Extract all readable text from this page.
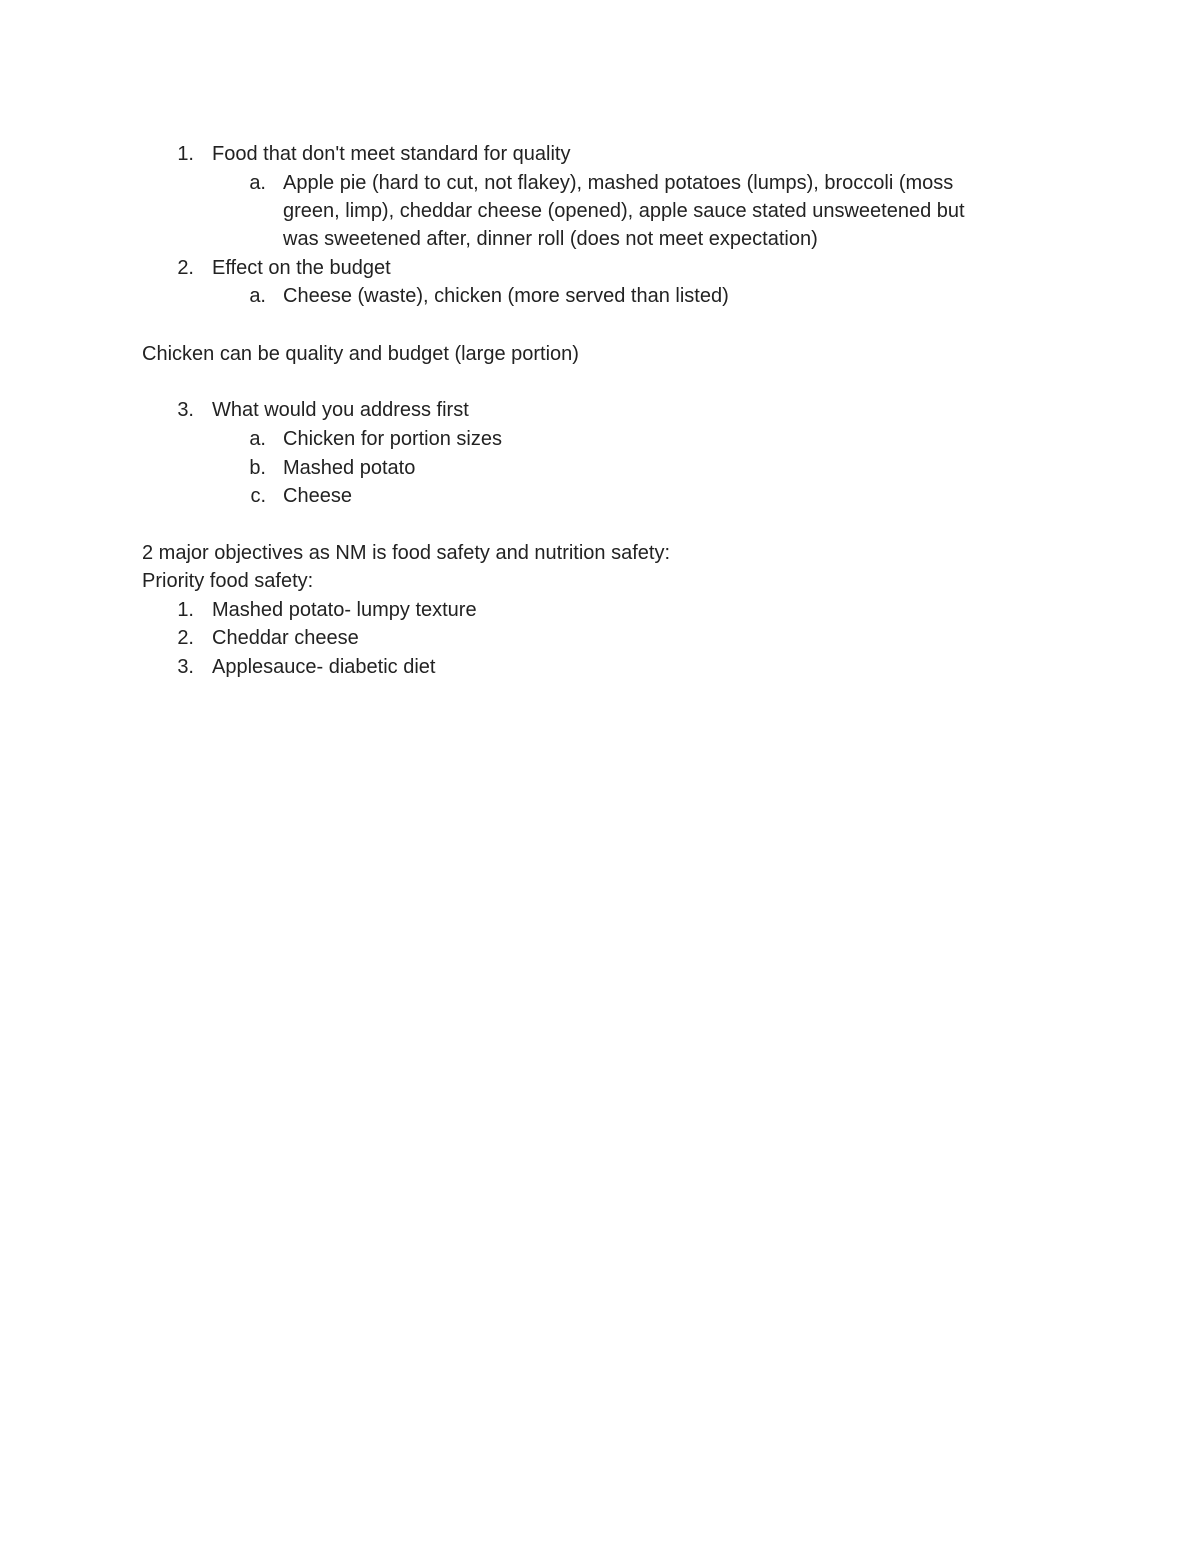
1. Food that don't meet standard for quality
a. Apple pie (hard to cut, not flakey), mashed potatoes (lumps), broccoli (moss
green, limp), cheddar cheese (opened), apple sauce stated unsweetened but
was sweetened after, dinner roll (does not meet expectation)
2. Effect on the budget
a. Cheese (waste), chicken (more served than listed)
Chicken can be quality and budget (large portion)
3. What would you address first
a. Chicken for portion sizes
b. Mashed potato
c. Cheese
2 major objectives as NM is food safety and nutrition safety:
Priority food safety:
1. Mashed potato- lumpy texture
2. Cheddar cheese
3. Applesauce- diabetic diet
